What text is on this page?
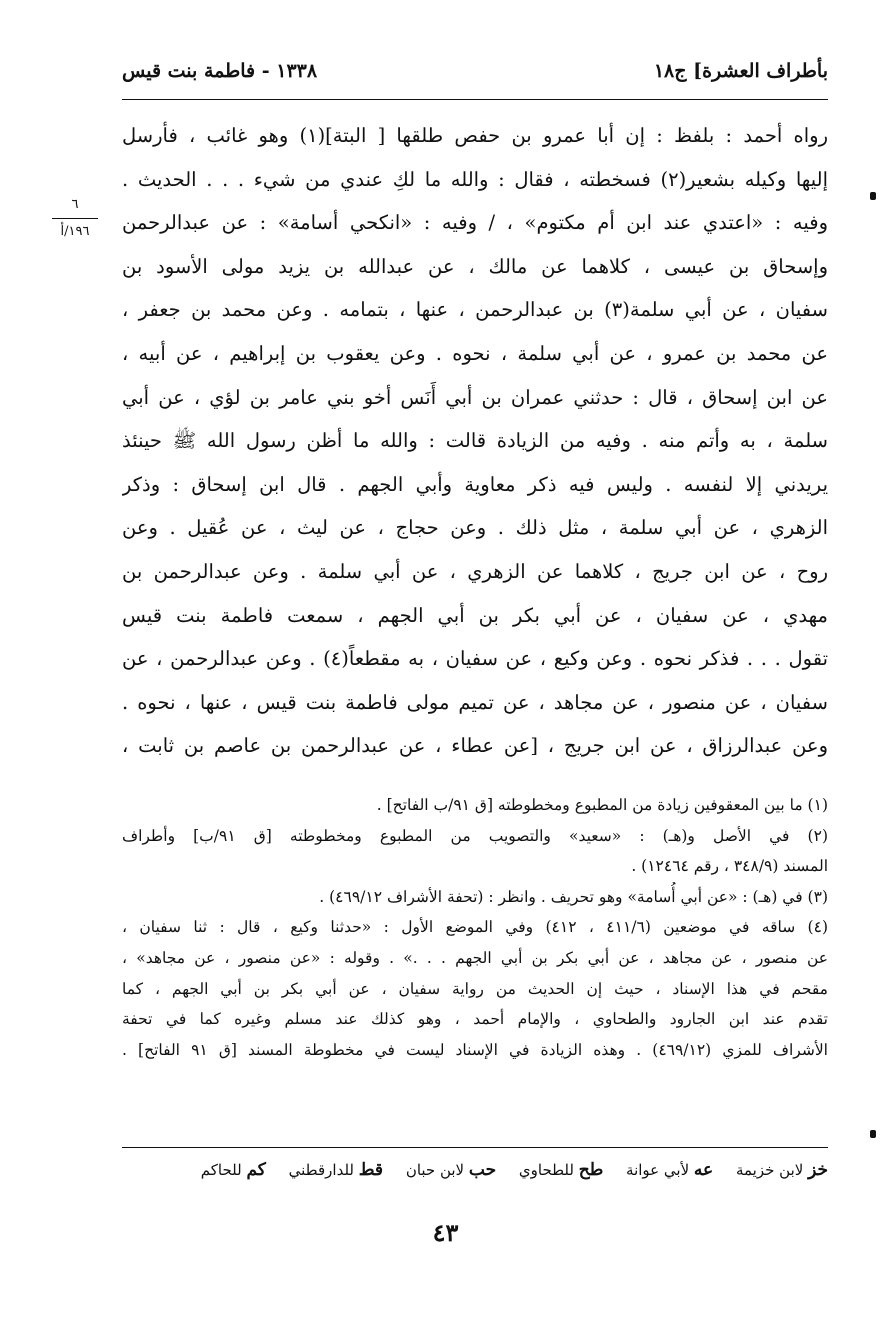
بأطراف العشرة] ج١٨
١٣٣٨ - فاطمة بنت قيس
٦
١٩٦/أ
رواه أحمد : بلفظ : إن أبا عمرو بن حفص طلقها [ البتة](١) وهو غائب ، فأرسل
إليها وكيله بشعير(٢) فسخطته ، فقال : والله ما لكِ عندي من شيء . . . الحديث .
وفيه : «اعتدي عند ابن أم مكتوم» ، / وفيه : «انكحي أسامة» : عن عبدالرحمن
وإسحاق بن عيسى ، كلاهما عن مالك ، عن عبدالله بن يزيد مولى الأسود بن
سفيان ، عن أبي سلمة(٣) بن عبدالرحمن ، عنها ، بتمامه . وعن محمد بن جعفر ،
عن محمد بن عمرو ، عن أبي سلمة ، نحوه . وعن يعقوب بن إبراهيم ، عن أبيه ،
عن ابن إسحاق ، قال : حدثني عمران بن أبي أَنَس أخو بني عامر بن لؤي ، عن أبي
سلمة ، به وأتم منه . وفيه من الزيادة قالت : والله ما أظن رسول الله ﷺ حينئذ
يريدني إلا لنفسه . وليس فيه ذكر معاوية وأبي الجهم . قال ابن إسحاق : وذكر
الزهري ، عن أبي سلمة ، مثل ذلك . وعن حجاج ، عن ليث ، عن عُقيل . وعن
روح ، عن ابن جريج ، كلاهما عن الزهري ، عن أبي سلمة . وعن عبدالرحمن بن
مهدي ، عن سفيان ، عن أبي بكر بن أبي الجهم ، سمعت فاطمة بنت قيس
تقول . . . فذكر نحوه . وعن وكيع ، عن سفيان ، به مقطعاً(٤) . وعن عبدالرحمن ، عن
سفيان ، عن منصور ، عن مجاهد ، عن تميم مولى فاطمة بنت قيس ، عنها ، نحوه .
وعن عبدالرزاق ، عن ابن جريج ، [عن عطاء ، عن عبدالرحمن بن عاصم بن ثابت ،
(١) ما بين المعقوفين زيادة من المطبوع ومخطوطته [ق ٩١/ب الفاتح] .
(٢) في الأصل و(هـ) : «سعيد» والتصويب من المطبوع ومخطوطته [ق ٩١/ب] وأطراف
المسند (٣٤٨/٩ ، رقم ١٢٤٦٤) .
(٣) في (هـ) : «عن أبي أُسامة» وهو تحريف . وانظر : (تحفة الأشراف ٤٦٩/١٢) .
(٤) ساقه في موضعين (٤١١/٦ ، ٤١٢) وفي الموضع الأول : «حدثنا وكيع ، قال : ثنا سفيان ،
عن منصور ، عن مجاهد ، عن أبي بكر بن أبي الجهم . . .» . وقوله : «عن منصور ، عن مجاهد» ،
مقحم في هذا الإسناد ، حيث إن الحديث من رواية سفيان ، عن أبي بكر بن أبي الجهم ، كما
تقدم عند ابن الجارود والطحاوي ، والإمام أحمد ، وهو كذلك عند مسلم وغيره كما في تحفة
الأشراف للمزي (٤٦٩/١٢) . وهذه الزيادة في الإسناد ليست في مخطوطة المسند [ق ٩١ الفاتح] .
خز لابن خزيمة عه لأبي عوانة طح للطحاوي حب لابن حبان قط للدارقطني كم للحاكم
٤٣
